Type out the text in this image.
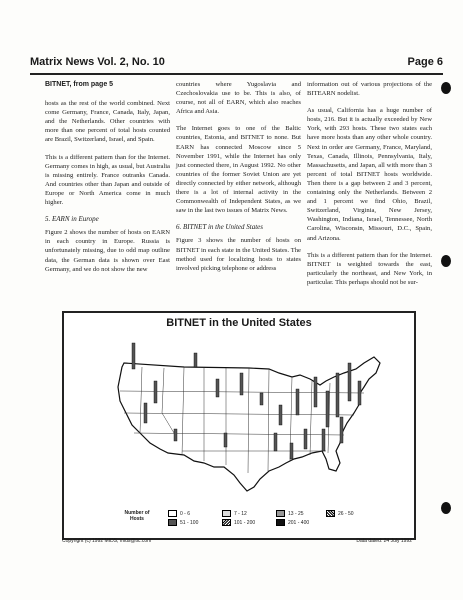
Matrix News Vol. 2, No. 10	Page 6
BITNET, from page 5

hosts as the rest of the world combined. Next come Germany, France, Canada, Italy, Japan, and the Netherlands. Other countries with more than one percent of total hosts counted are Brazil, Switzerland, Israel, and Spain.

This is a different pattern than for the Internet. Germany comes in high, as usual, but Australia is missing entirely. France outranks Canada. And countries other than Japan and outside of Europe or North America come in much higher.

5. EARN in Europe

Figure 2 shows the number of hosts on EARN in each country in Europe. Russia is unfortunately missing, due to odd map outline data, the German data is shown over East Germany, and we do not show the new

countries where Yugoslavia and Czechoslovakia use to be. This is also, of course, not all of EARN, which also reaches Africa and Asia.

The Internet goes to one of the Baltic countries, Estonia, and BITNET to none. But EARN has connected Moscow since 5 November 1991, while the Internet has only just connected there, in August 1992. No other countries of the former Soviet Union are yet directly connected by either network, although there is a lot of internal activity in the Commonwealth of Independent States, as we saw in the last two issues of Matrix News.

6. BITNET in the United States

Figure 3 shows the number of hosts on BITNET in each state in the United States. The method used for localizing hosts to states involved picking telephone or address

information out of various projections of the BITEARN nodelist.

As usual, California has a huge number of hosts, 216. But it is actually exceeded by New York, with 293 hosts. These two states each have more hosts than any other whole country. Next in order are Germany, France, Maryland, Texas, Canada, Illinois, Pennsylvania, Italy, Massachusetts, and Japan, all with more than 3 percent of total BITNET hosts worldwide. Then there is a gap between 2 and 3 percent, containing only the Netherlands. Between 2 and 1 percent we find Ohio, Brazil, Switzerland, Virginia, New Jersey, Washington, Indiana, Israel, Tennessee, North Carolina, Wisconsin, Missouri, D.C., Spain, and Arizona.

This is a different pattern than for the Internet. BITNET is weighted towards the east, particularly the northeast, and New York, in particular. This perhaps should not be sur-

BITNET in the United States
Number of Hosts
0 - 6	7 - 12	13 - 25	26 - 50
51 - 100	101 - 200	201 - 400
Copyright (c) 1992 MIDS, mids@tic.com	Data dated: 24 July 1992
